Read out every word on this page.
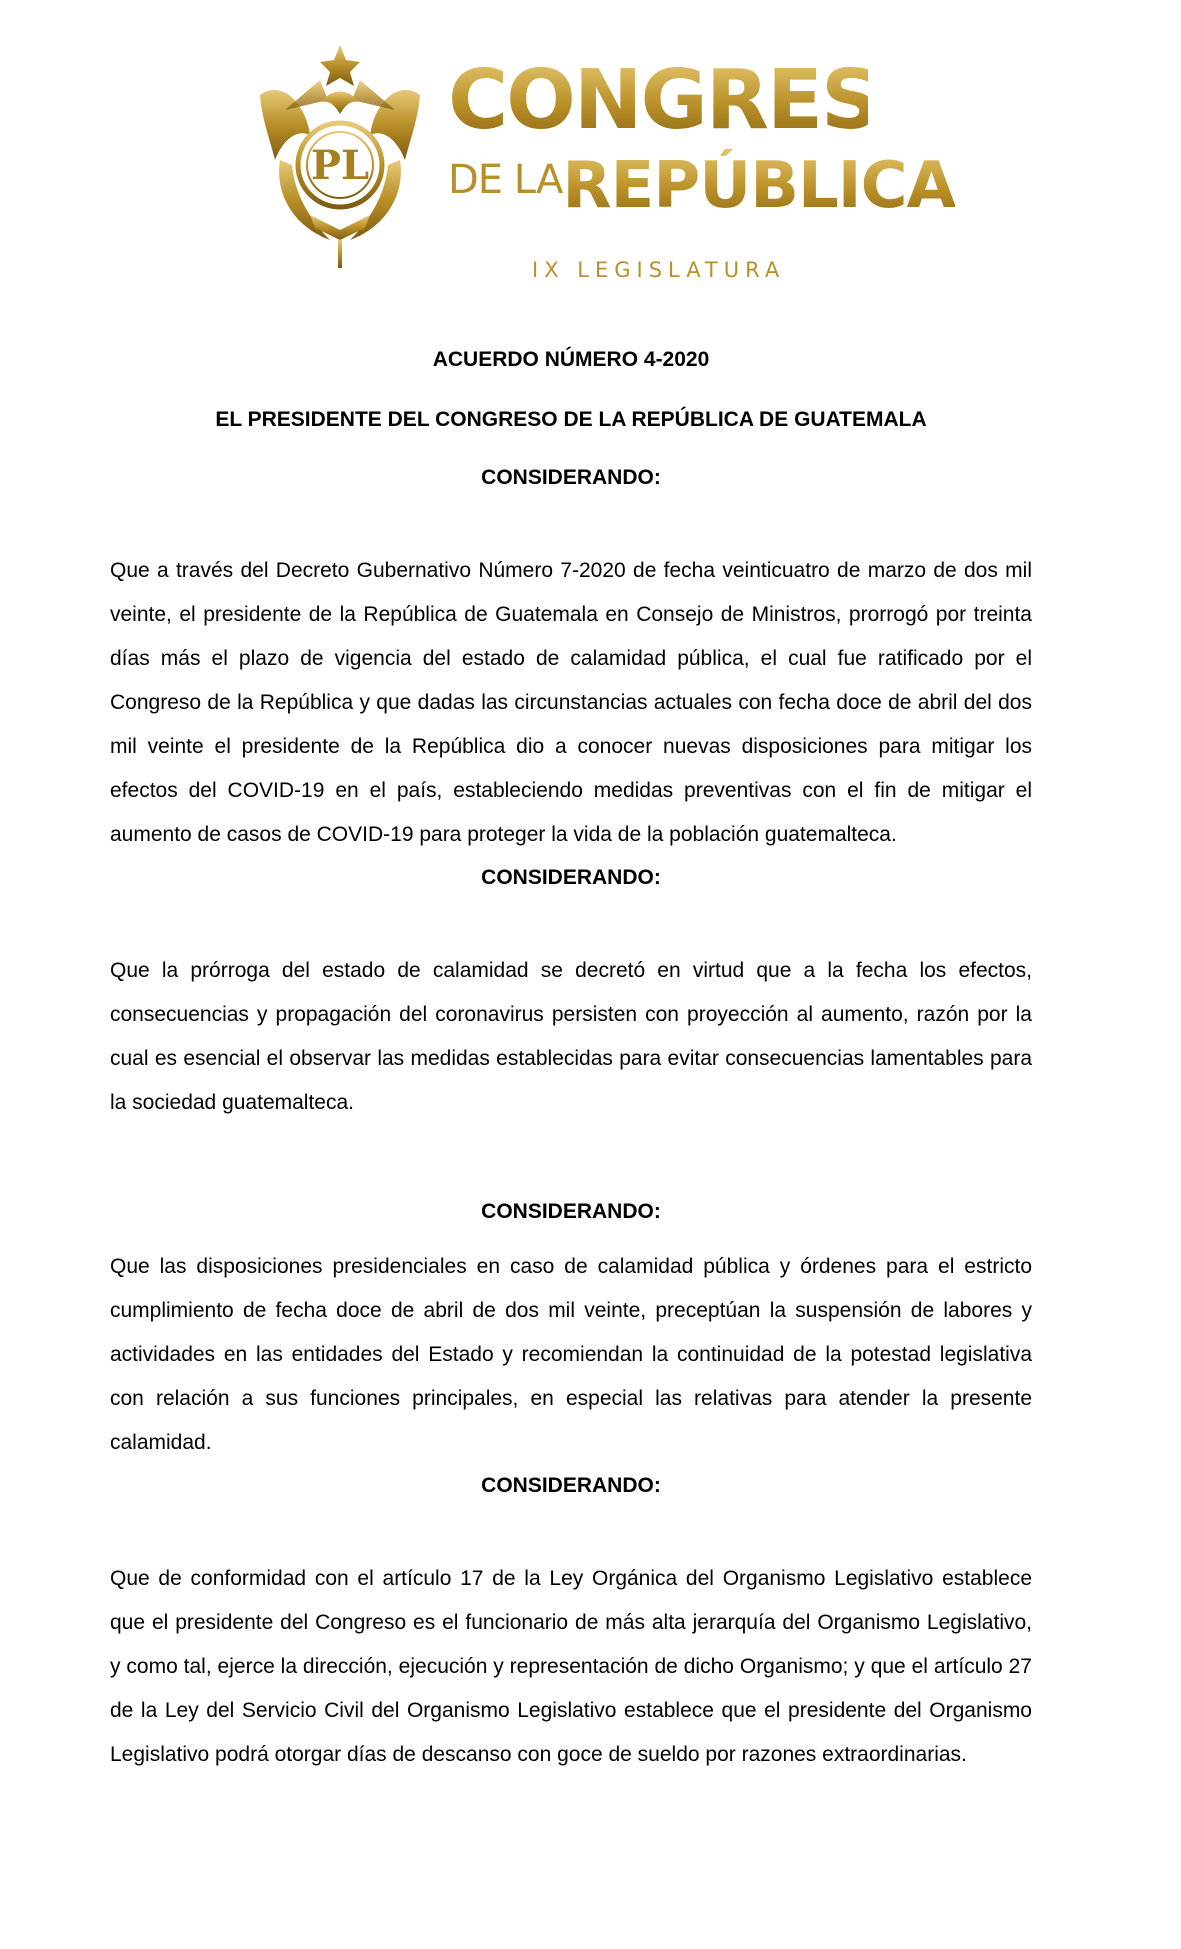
PL
CONGRESO
DE LAREPÚBLICA
IX LEGISLATURA
ACUERDO NÚMERO 4-2020
EL PRESIDENTE DEL CONGRESO DE LA REPÚBLICA DE GUATEMALA
CONSIDERANDO:

Que a través del Decreto Gubernativo Número 7-2020 de fecha veinticuatro de marzo de dos mil veinte, el presidente de la República de Guatemala en Consejo de Ministros, prorrogó por treinta días más el plazo de vigencia del estado de calamidad pública, el cual fue ratificado por el Congreso de la República y que dadas las circunstancias actuales con fecha doce de abril del dos mil veinte el presidente de la República dio a conocer nuevas disposiciones para mitigar los efectos del COVID-19 en el país, estableciendo medidas preventivas con el fin de mitigar el aumento de casos de COVID-19 para proteger la vida de la población guatemalteca.

CONSIDERANDO:

Que la prórroga del estado de calamidad se decretó en virtud que a la fecha los efectos, consecuencias y propagación del coronavirus persisten con proyección al aumento, razón por la cual es esencial el observar las medidas establecidas para evitar consecuencias lamentables para la sociedad guatemalteca.

CONSIDERANDO:

Que las disposiciones presidenciales en caso de calamidad pública y órdenes para el estricto cumplimiento de fecha doce de abril de dos mil veinte, preceptúan la suspensión de labores y actividades en las entidades del Estado y recomiendan la continuidad de la potestad legislativa con relación a sus funciones principales, en especial las relativas para atender la presente calamidad.

CONSIDERANDO:

Que de conformidad con el artículo 17 de la Ley Orgánica del Organismo Legislativo establece que el presidente del Congreso es el funcionario de más alta jerarquía del Organismo Legislativo, y como tal, ejerce la dirección, ejecución y representación de dicho Organismo; y que el artículo 27 de la Ley del Servicio Civil del Organismo Legislativo establece que el presidente del Organismo Legislativo podrá otorgar días de descanso con goce de sueldo por razones extraordinarias.
